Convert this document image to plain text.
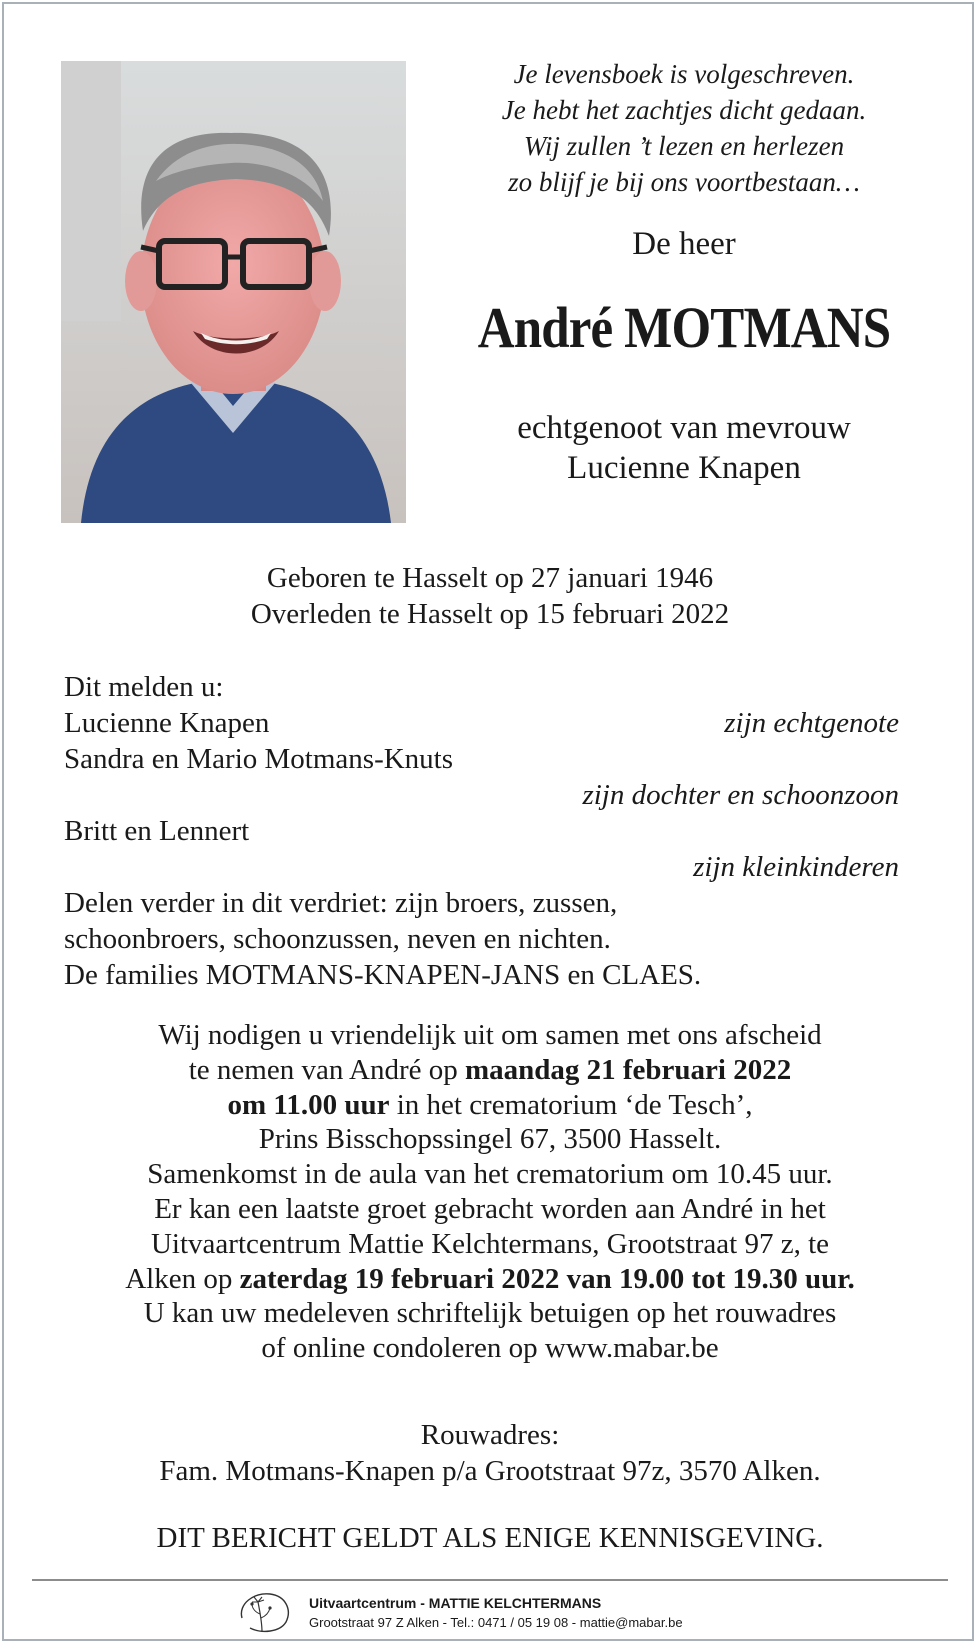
Je levensboek is volgeschreven.
Je hebt het zachtjes dicht gedaan.
Wij zullen ’t lezen en herlezen
zo blijf je bij ons voortbestaan…
De heer
André MOTMANS
echtgenoot van mevrouw
Lucienne Knapen
Geboren te Hasselt op 27 januari 1946
Overleden te Hasselt op 15 februari 2022
Dit melden u:
Lucienne Knapen	zijn echtgenote
Sandra en Mario Motmans-Knuts
zijn dochter en schoonzoon
Britt en Lennert
zijn kleinkinderen
Delen verder in dit verdriet: zijn broers, zussen,
schoonbroers, schoonzussen, neven en nichten.
De families MOTMANS-KNAPEN-JANS en CLAES.
Wij nodigen u vriendelijk uit om samen met ons afscheid
te nemen van André op maandag 21 februari 2022
om 11.00 uur in het crematorium ‘de Tesch’,
Prins Bisschopssingel 67, 3500 Hasselt.
Samenkomst in de aula van het crematorium om 10.45 uur.
Er kan een laatste groet gebracht worden aan André in het
Uitvaartcentrum Mattie Kelchtermans, Grootstraat 97 z, te
Alken op zaterdag 19 februari 2022 van 19.00 tot 19.30 uur.
U kan uw medeleven schriftelijk betuigen op het rouwadres
of online condoleren op www.mabar.be
Rouwadres:
Fam. Motmans-Knapen p/a Grootstraat 97z, 3570 Alken.
DIT BERICHT GELDT ALS ENIGE KENNISGEVING.
Uitvaartcentrum - MATTIE KELCHTERMANS
Grootstraat 97 Z Alken - Tel.: 0471 / 05 19 08 - mattie@mabar.be
